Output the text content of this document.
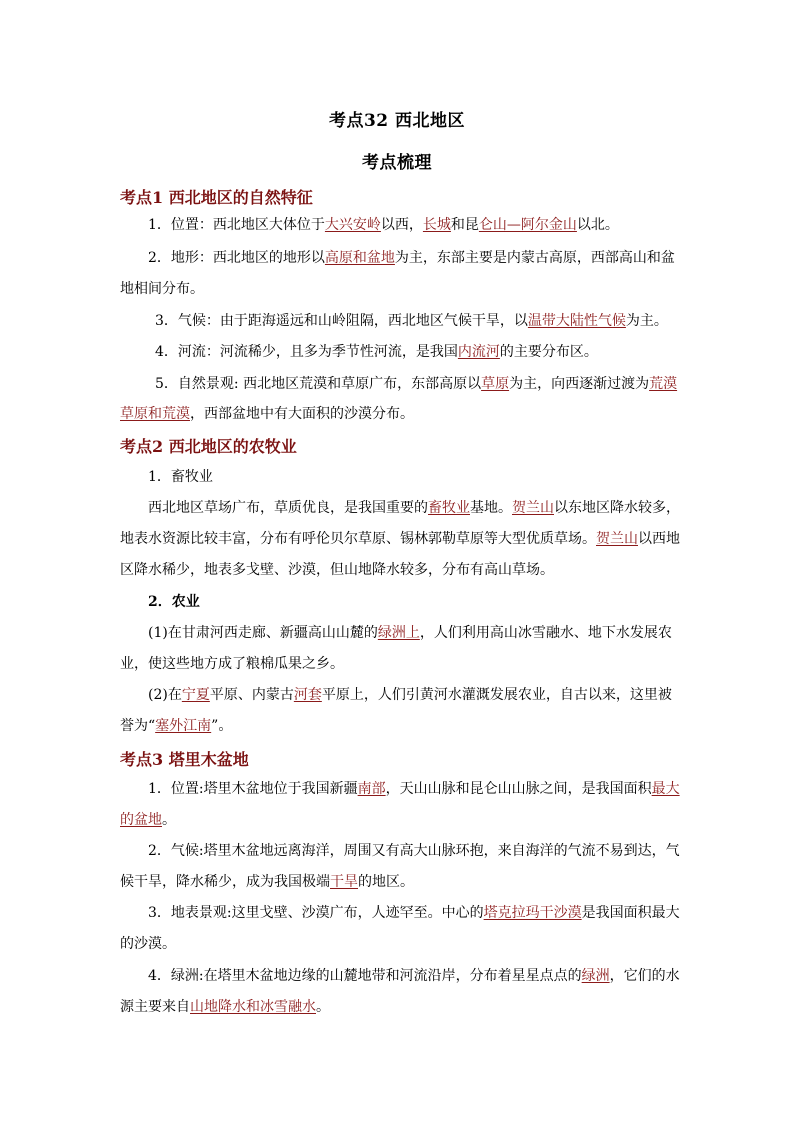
考点32 西北地区
考点梳理
考点1 西北地区的自然特征
考点2 西北地区的农牧业
考点3 塔里木盆地
1．位置：西北地区大体位于大兴安岭以西，长城和昆仑山—阿尔金山以北。
2．地形：西北地区的地形以高原和盆地为主，东部主要是内蒙古高原，西部高山和盆
地相间分布。
3．气候：由于距海遥远和山岭阻隔，西北地区气候干旱，以温带大陆性气候为主。
4．河流：河流稀少，且多为季节性河流，是我国内流河的主要分布区。
5．自然景观: 西北地区荒漠和草原广布，东部高原以草原为主，向西逐渐过渡为荒漠
草原和荒漠，西部盆地中有大面积的沙漠分布。
1．畜牧业
西北地区草场广布，草质优良，是我国重要的畜牧业基地。贺兰山以东地区降水较多，
地表水资源比较丰富，分布有呼伦贝尔草原、锡林郭勒草原等大型优质草场。贺兰山以西地
区降水稀少，地表多戈壁、沙漠，但山地降水较多，分布有高山草场。
2．农业
(1)在甘肃河西走廊、新疆高山山麓的绿洲上，人们利用高山冰雪融水、地下水发展农
业，使这些地方成了粮棉瓜果之乡。
(2)在宁夏平原、内蒙古河套平原上，人们引黄河水灌溉发展农业，自古以来，这里被
誉为“塞外江南”。
1．位置:塔里木盆地位于我国新疆南部，天山山脉和昆仑山山脉之间，是我国面积最大
的盆地。
2．气候:塔里木盆地远离海洋，周围又有高大山脉环抱，来自海洋的气流不易到达，气
候干旱，降水稀少，成为我国极端干旱的地区。
3．地表景观:这里戈壁、沙漠广布，人迹罕至。中心的塔克拉玛干沙漠是我国面积最大
的沙漠。
4．绿洲:在塔里木盆地边缘的山麓地带和河流沿岸，分布着星星点点的绿洲，它们的水
源主要来自山地降水和冰雪融水。
